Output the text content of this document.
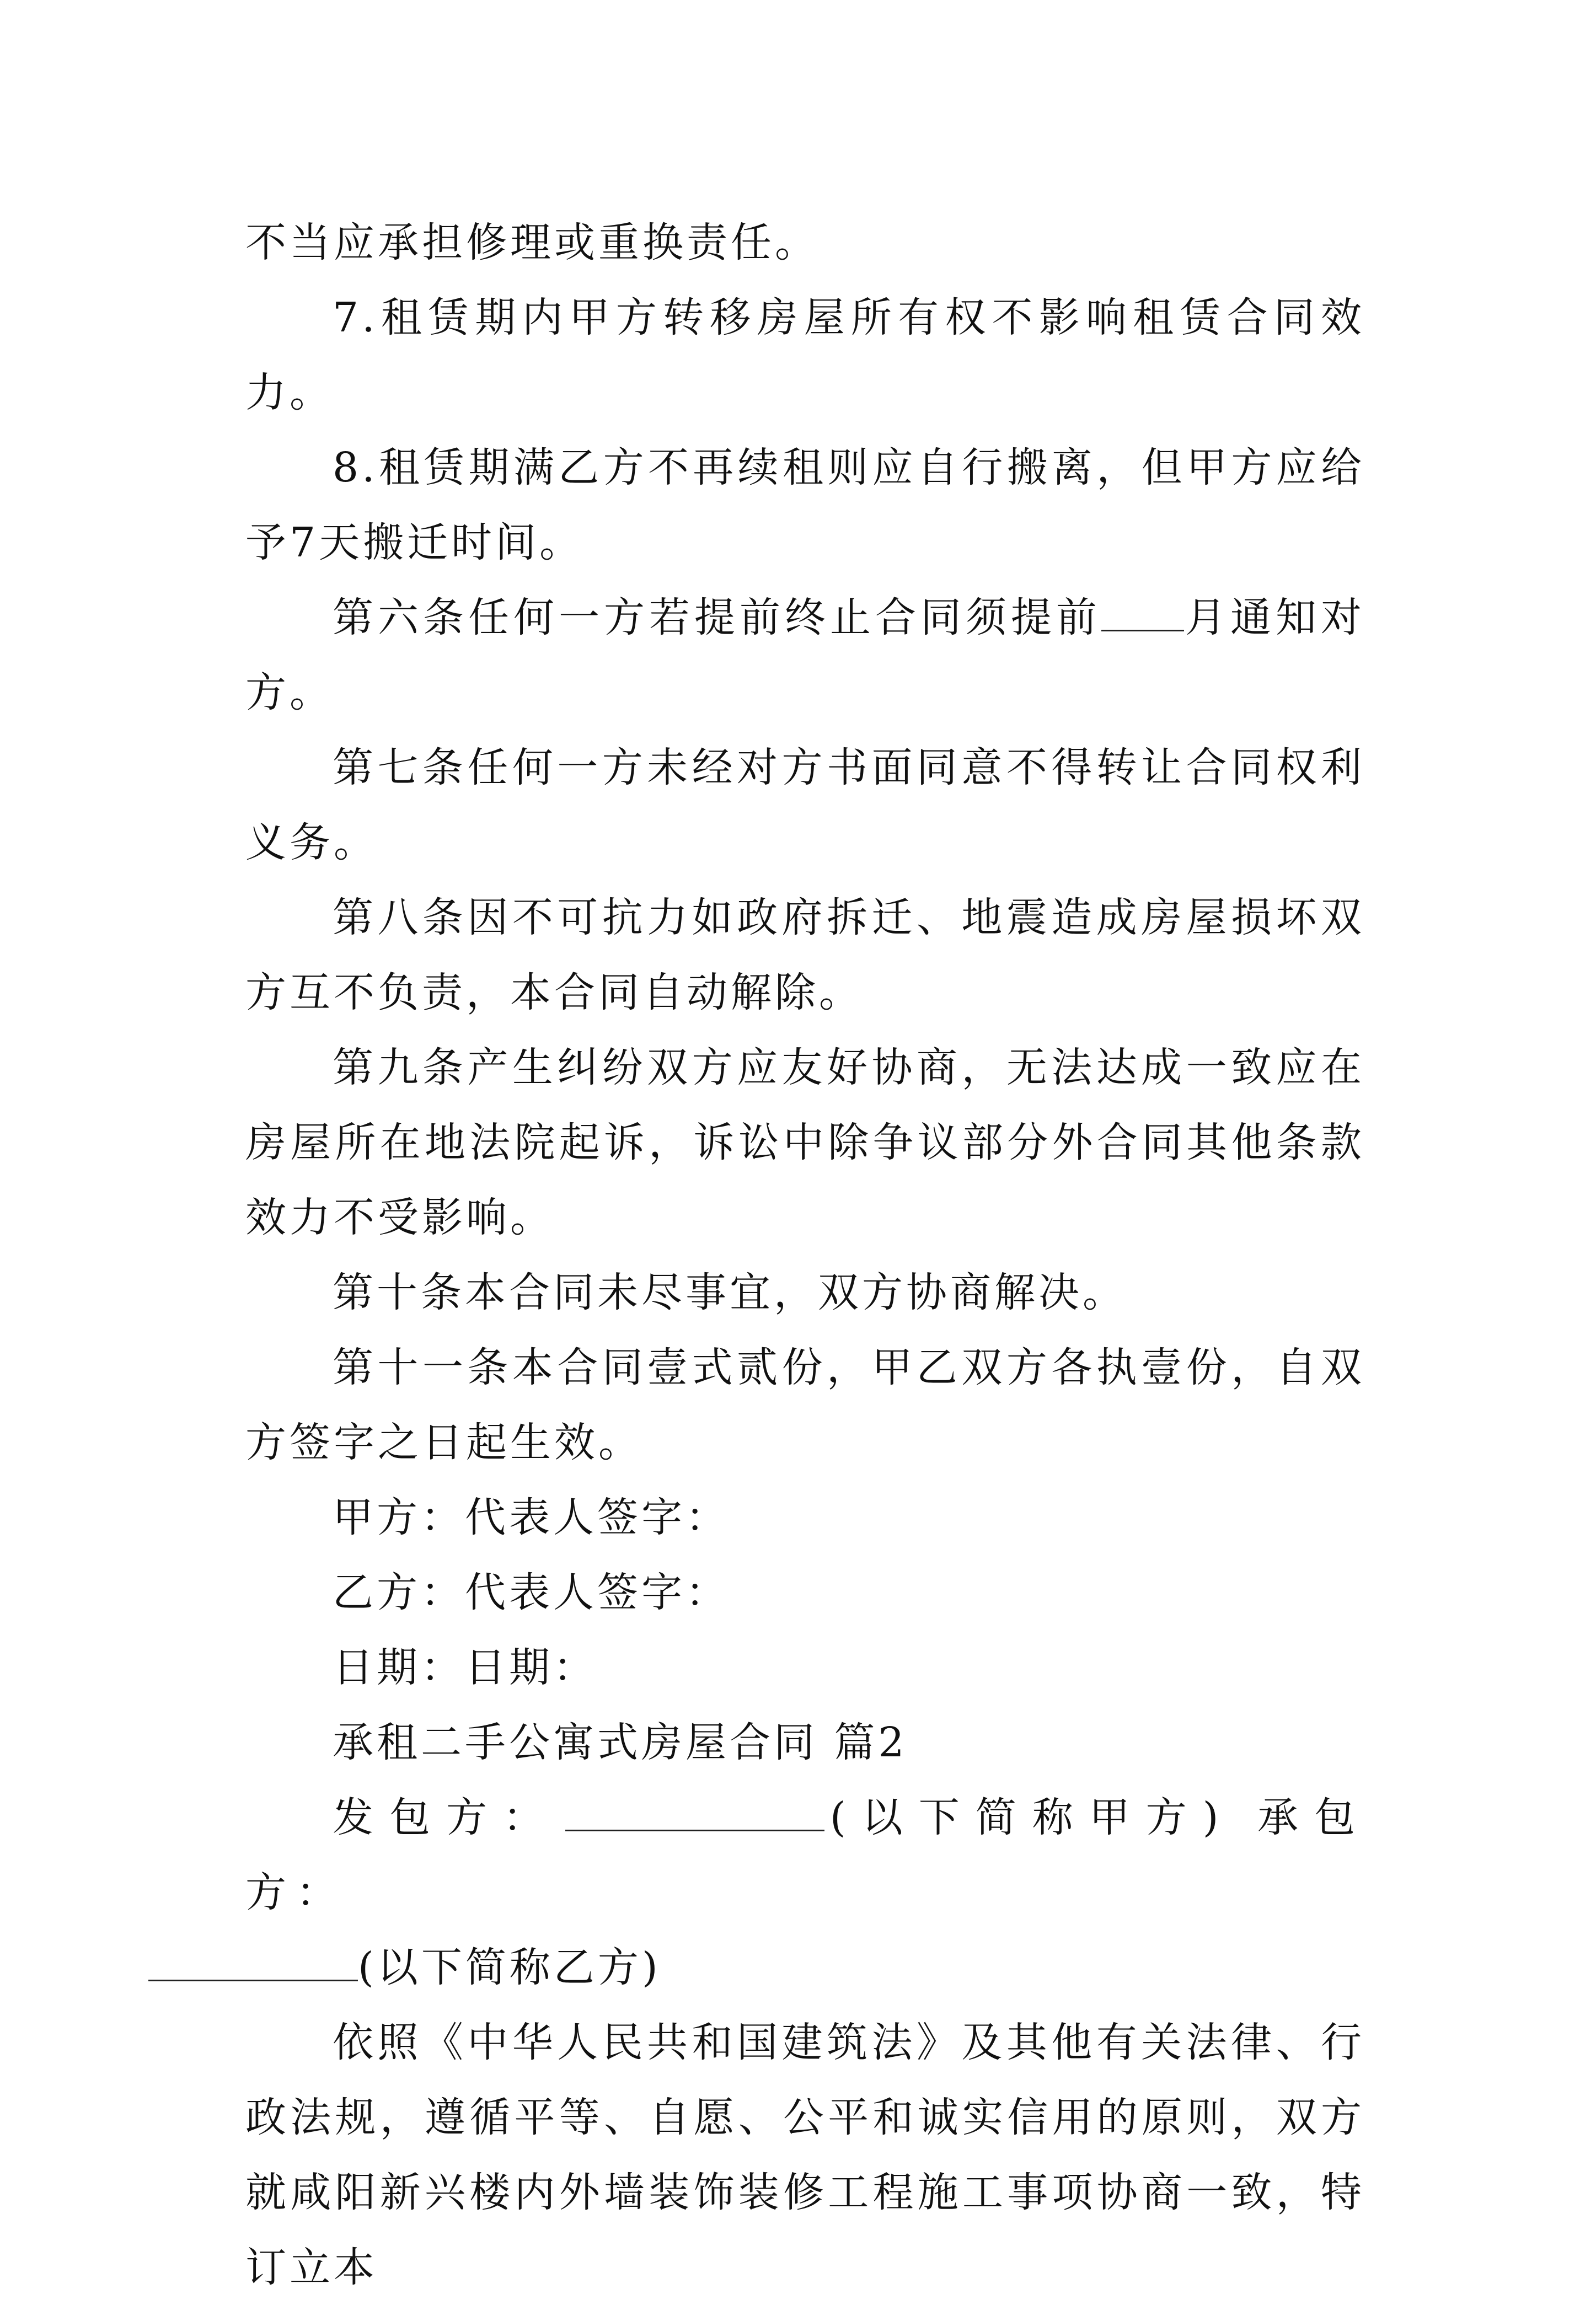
不当应承担修理或重换责任。

7.租赁期内甲方转移房屋所有权不影响租赁合同效力。

8.租赁期满乙方不再续租则应自行搬离，但甲方应给予7天搬迁时间。

第六条任何一方若提前终止合同须提前 月通知对方。

第七条任何一方未经对方书面同意不得转让合同权利义务。

第八条因不可抗力如政府拆迁、地震造成房屋损坏双方互不负责，本合同自动解除。

第九条产生纠纷双方应友好协商，无法达成一致应在房屋所在地法院起诉，诉讼中除争议部分外合同其他条款效力不受影响。

第十条本合同未尽事宜，双方协商解决。

第十一条本合同壹式贰份，甲乙双方各执壹份，自双方签字之日起生效。

甲方：代表人签字：

乙方：代表人签字：

日期：日期：

承租二手公寓式房屋合同 篇2

发包方：	(以下简称甲方) 承包方：
(以下简称乙方)

依照《中华人民共和国建筑法》及其他有关法律、行政法规，遵循平等、自愿、公平和诚实信用的原则，双方就咸阳新兴楼内外墙装饰装修工程施工事项协商一致，特订立本
